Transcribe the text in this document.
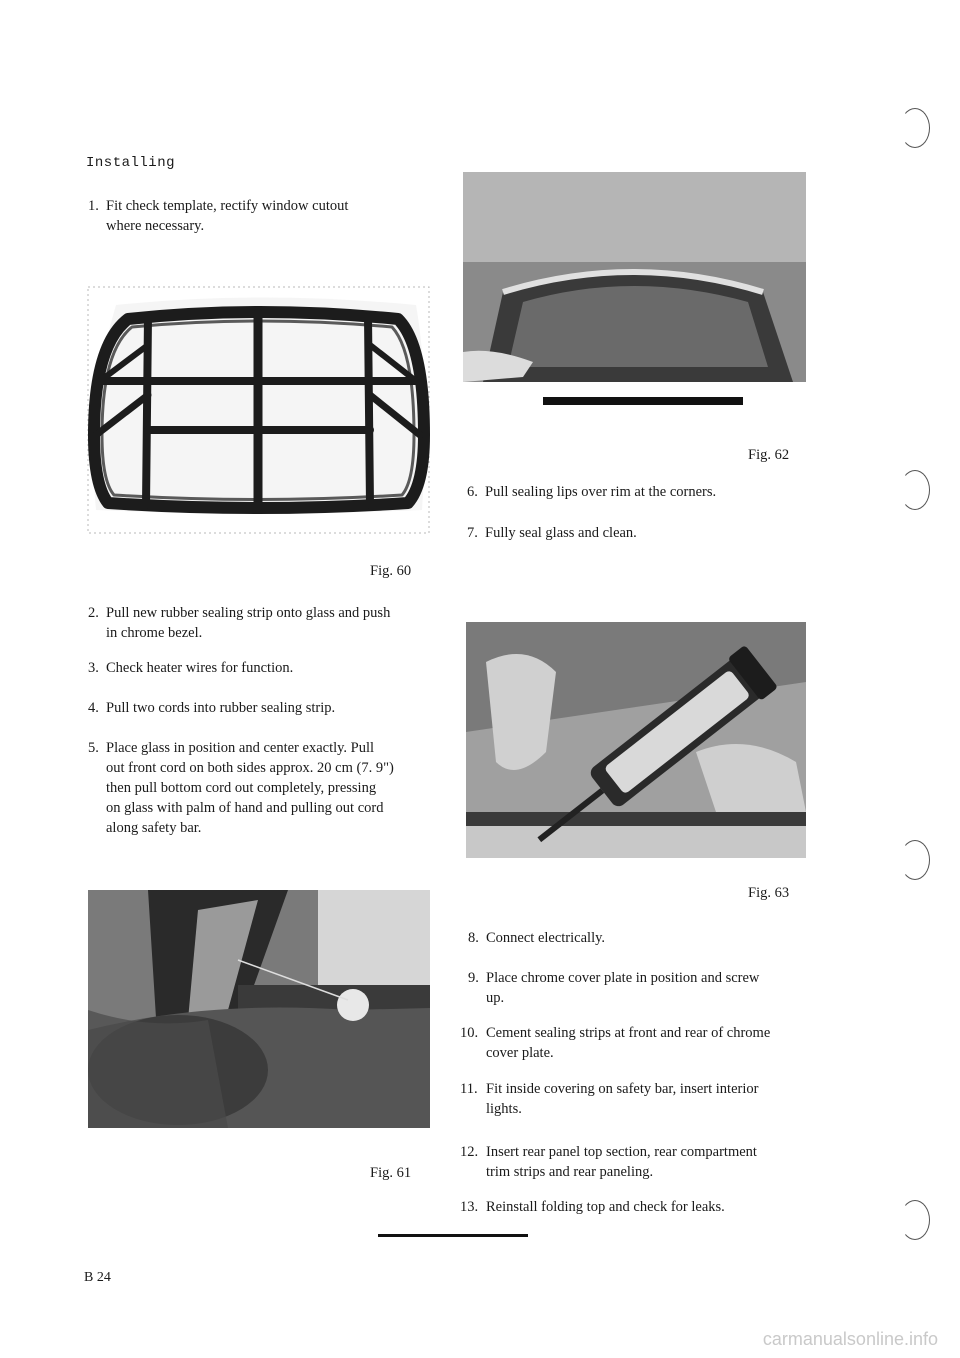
Installing
1. Fit check template, rectify window cutout
where necessary.
Fig. 60
2. Pull new rubber sealing strip onto glass and push
in chrome bezel.
3. Check heater wires for function.
4. Pull two cords into rubber sealing strip.
5. Place glass in position and center exactly. Pull
out front cord on both sides approx. 20 cm (7. 9")
then pull bottom cord out completely, pressing
on glass with palm of hand and pulling out cord
along safety bar.
Fig. 61
Fig. 62
6. Pull sealing lips over rim at the corners.
7. Fully seal glass and clean.
Fig. 63
8. Connect electrically.
9. Place chrome cover plate in position and screw
up.
10. Cement sealing strips at front and rear of chrome
cover plate.
11. Fit inside covering on safety bar, insert interior
lights.
12. Insert rear panel top section, rear compartment
trim strips and rear paneling.
13. Reinstall folding top and check for leaks.
B 24
carmanualsonline.info
